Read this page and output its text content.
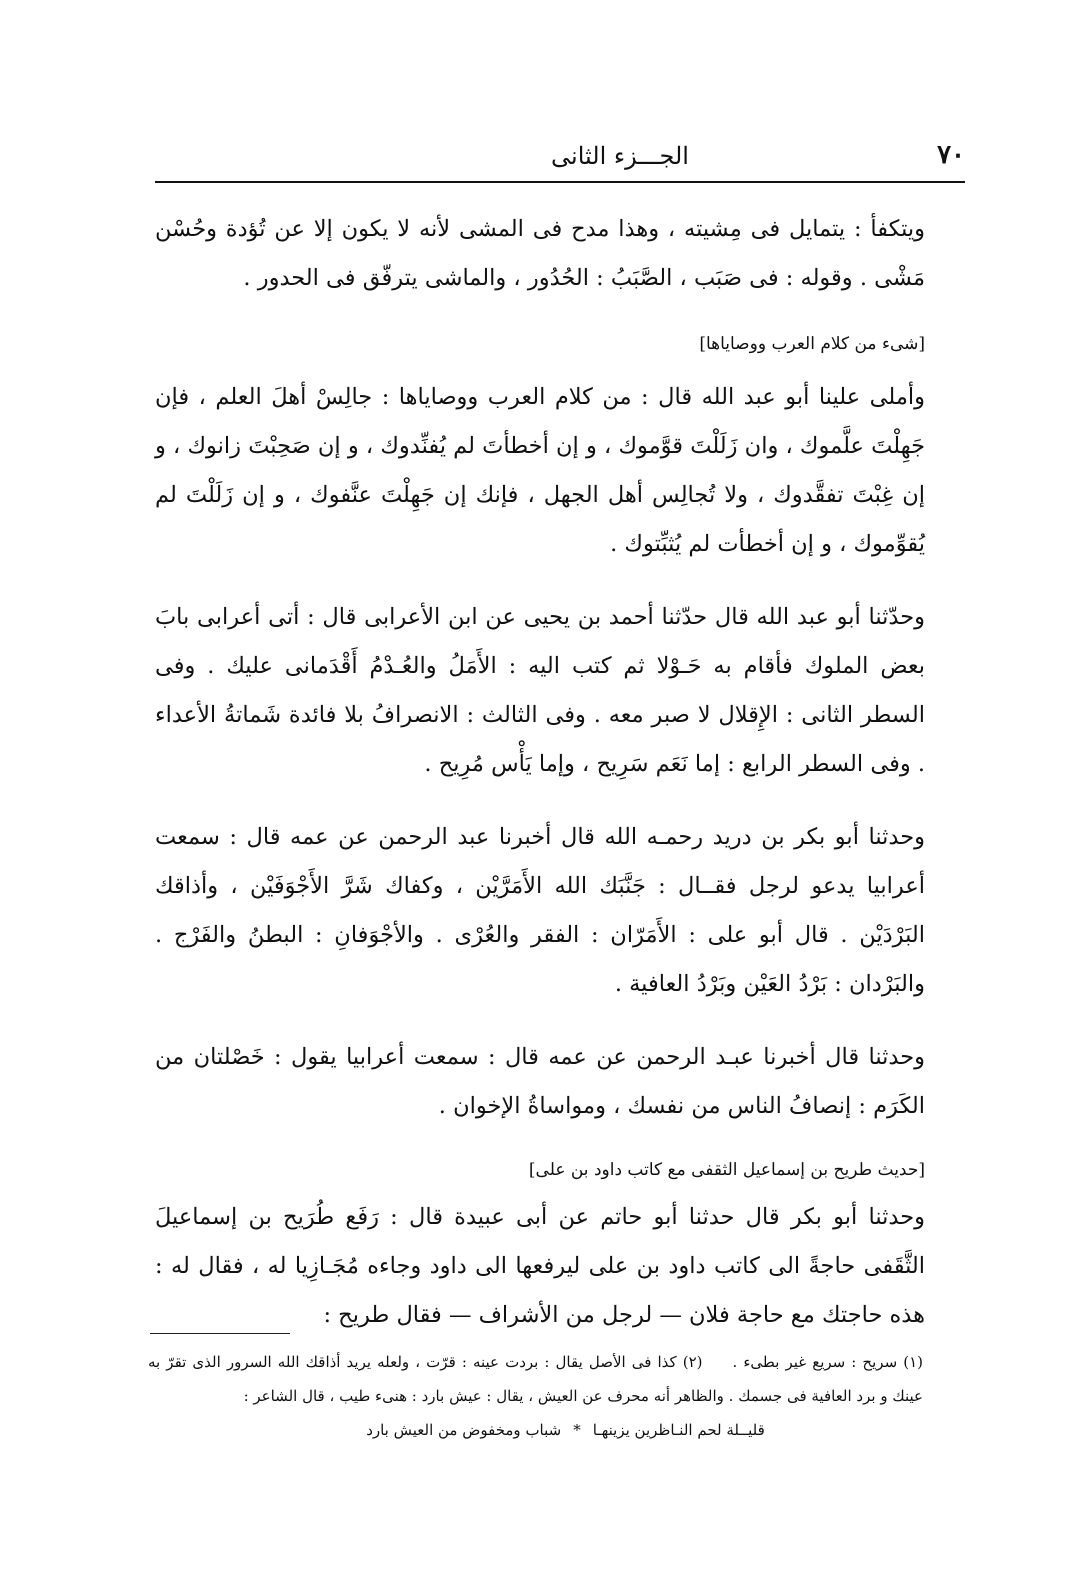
٧٠
الجـــزء الثانى

ويتكفأ : يتمايل فى مِشيته ، وهذا مدح فى المشى لأنه لا يكون إلا عن تُؤدة وحُسْن مَشْى . وقوله : فى صَبَب ، الصَّبَبُ : الحُدُور ، والماشى يترفّق فى الحدور .

[شىء من كلام العرب ووصاياها]

وأملى علينا أبو عبد الله قال : من كلام العرب ووصاياها : جالِسْ أهلَ العلم ، فإن جَهِلْتَ علَّموك ، وان زَلَلْتَ قوَّموك ، و إن أخطأتَ لم يُفنِّدوك ، و إن صَحِبْتَ زانوك ، و إن غِبْتَ تفقَّدوك ، ولا تُجالِس أهل الجهل ، فإنك إن جَهِلْتَ عنَّفوك ، و إن زَلَلْتَ لم يُقوِّموك ، و إن أخطأت لم يُثبِّتوك .

وحدّثنا أبو عبد الله قال حدّثنا أحمد بن يحيى عن ابن الأعرابى قال : أتى أعرابى بابَ بعض الملوك فأقام به حَـوْلا ثم كتب اليه : الأَمَلُ والعُـدْمُ أَقْدَمانى عليك . وفى السطر الثانى : الإِقلال لا صبر معه . وفى الثالث : الانصرافُ بلا فائدة شَماتةُ الأعداء . وفى السطر الرابع : إما نَعَم سَرِيح ، وإما يَأْس مُرِيح .

وحدثنا أبو بكر بن دريد رحمـه الله قال أخبرنا عبد الرحمن عن عمه قال : سمعت أعرابيا يدعو لرجل فقــال : جَنَّبَك الله الأَمَرَّيْن ، وكفاك شَرَّ الأَجْوَفَيْن ، وأذاقك البَرْدَيْن . قال أبو على : الأَمَرّان : الفقر والعُرْى . والأجْوَفانِ : البطنُ والفَرْج . والبَرْدان : بَرْدُ العَيْن وبَرْدُ العافية .

وحدثنا قال أخبرنا عبـد الرحمن عن عمه قال : سمعت أعرابيا يقول : خَصْلتان من الكَرَم : إنصافُ الناس من نفسك ، ومواساةُ الإخوان .

[حديث طريح بن إسماعيل الثقفى مع كاتب داود بن على]

وحدثنا أبو بكر قال حدثنا أبو حاتم عن أبى عبيدة قال : رَفَع طُرَيح بن إسماعيلَ الثَّقَفى حاجةً الى كاتب داود بن على ليرفعها الى داود وجاءه مُجَـازِيا له ، فقال له : هذه حاجتك مع حاجة فلان — لرجل من الأشراف — فقال طريح :

(١) سريح : سريع غير بطىء .(٢) كذا فى الأصل يقال : بردت عينه : قرّت ، ولعله يريد أذاقك الله السرور الذى تقرّ به عينك و برد العافية فى جسمك . والظاهر أنه محرف عن العيش ، يقال : عيش بارد : هنىء طيب ، قال الشاعر :

قليــلة لحم النـاظرين يزينهـا*شباب ومخفوض من العيش بارد
